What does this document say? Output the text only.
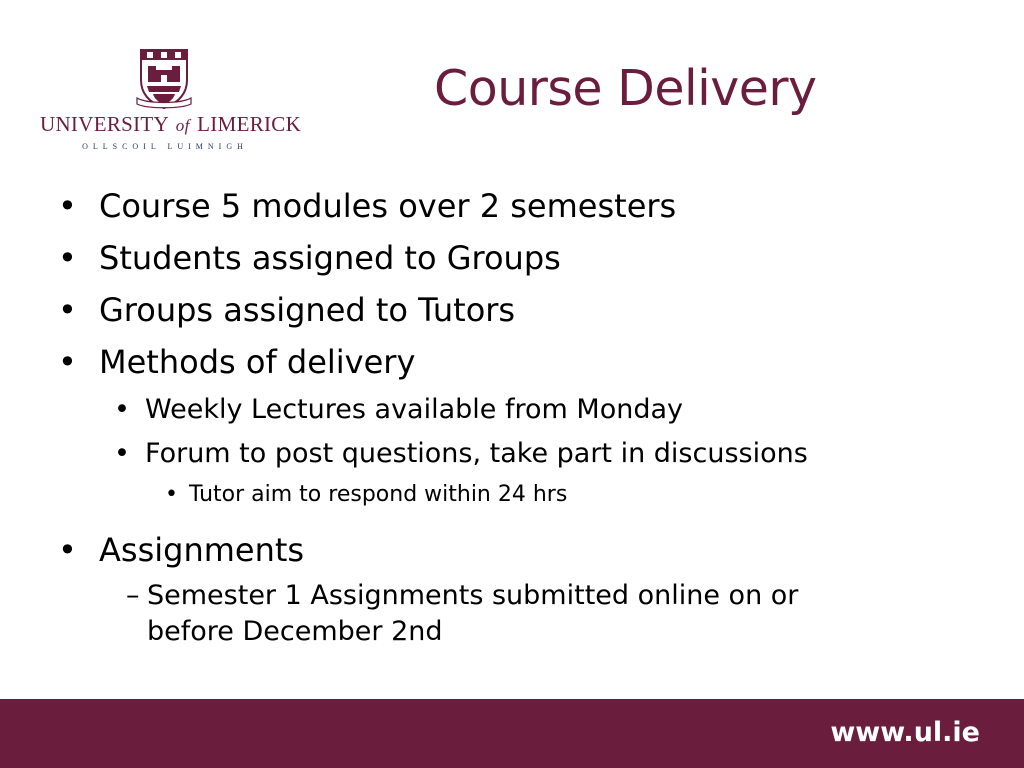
UNIVERSITY of LIMERICK
OLLSCOIL LUIMNIGH
Course Delivery
• Course 5 modules over 2 semesters
• Students assigned to Groups
• Groups assigned to Tutors
• Methods of delivery
• Weekly Lectures available from Monday
• Forum to post questions, take part in discussions
• Tutor aim to respond within 24 hrs
• Assignments
– Semester 1 Assignments submitted online on or before December 2nd
www.ul.ie
